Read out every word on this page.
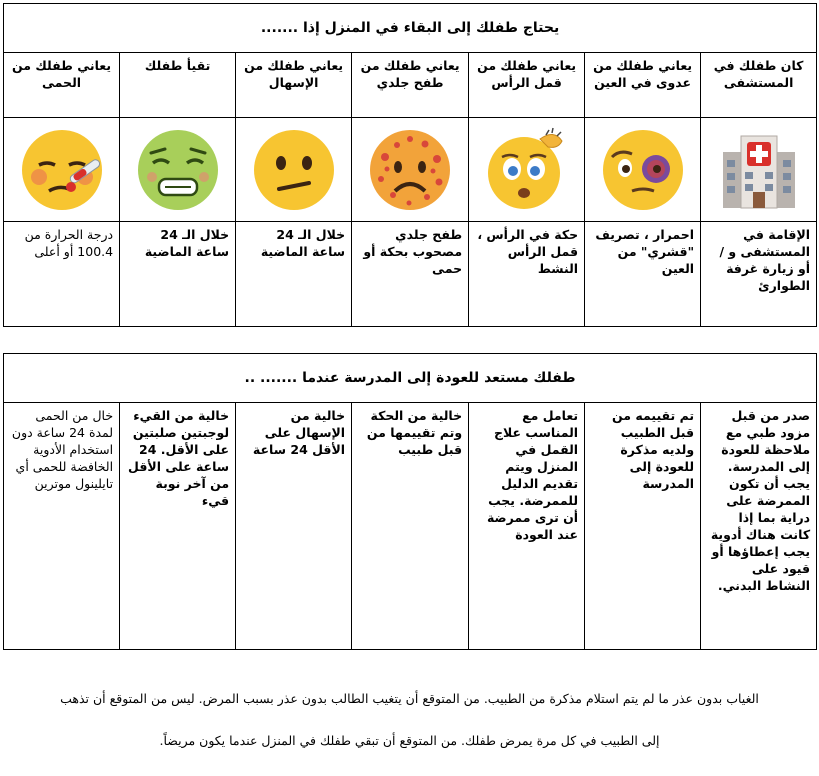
يحتاج طفلك إلى البقاء في المنزل إذا .......						
كان طفلك في المستشفى	يعاني طفلك من عدوى في العين	يعاني طفلك من قمل الرأس	يعاني طفلك من طفح جلدي	يعاني طفلك من الإسهال	تقيأ طفلك	يعاني طفلك من الحمى

الإقامة في المستشفى و / أو زيارة غرفة الطوارئ	احمرار ، تصريف "قشري" من العين	حكة في الرأس ، قمل الرأس النشط	طفح جلدي مصحوب بحكة أو حمى	خلال الـ 24 ساعة الماضية	خلال الـ 24 ساعة الماضية	درجة الحرارة من 100.4 أو أعلى
طفلك مستعد للعودة إلى المدرسة عندما ....... ..
صدر من قبل مزود طبي مع ملاحظة للعودة إلى المدرسة. يجب أن تكون الممرضة على دراية بما إذا كانت هناك أدوية يجب إعطاؤها أو قيود على النشاط البدني.	تم تقييمه من قبل الطبيب ولديه مذكرة للعودة إلى المدرسة	تعامل مع المناسب علاج القمل في المنزل ويتم تقديم الدليل للممرضة. يجب أن ترى ممرضة عند العودة	خالية من الحكة وتم تقييمها من قبل طبيب	خالية من الإسهال على الأقل 24 ساعة	خالية من القيء لوجبتين صلبتين على الأقل. 24 ساعة على الأقل من آخر نوبة قيء	خال من الحمى لمدة 24 ساعة دون استخدام الأدوية الخافضة للحمى أي تايلينول موترين
الغياب بدون عذر ما لم يتم استلام مذكرة من الطبيب. من المتوقع أن يتغيب الطالب بدون عذر بسبب المرض. ليس من المتوقع أن تذهب
إلى الطبيب في كل مرة يمرض طفلك. من المتوقع أن تبقي طفلك في المنزل عندما يكون مريضاً.
